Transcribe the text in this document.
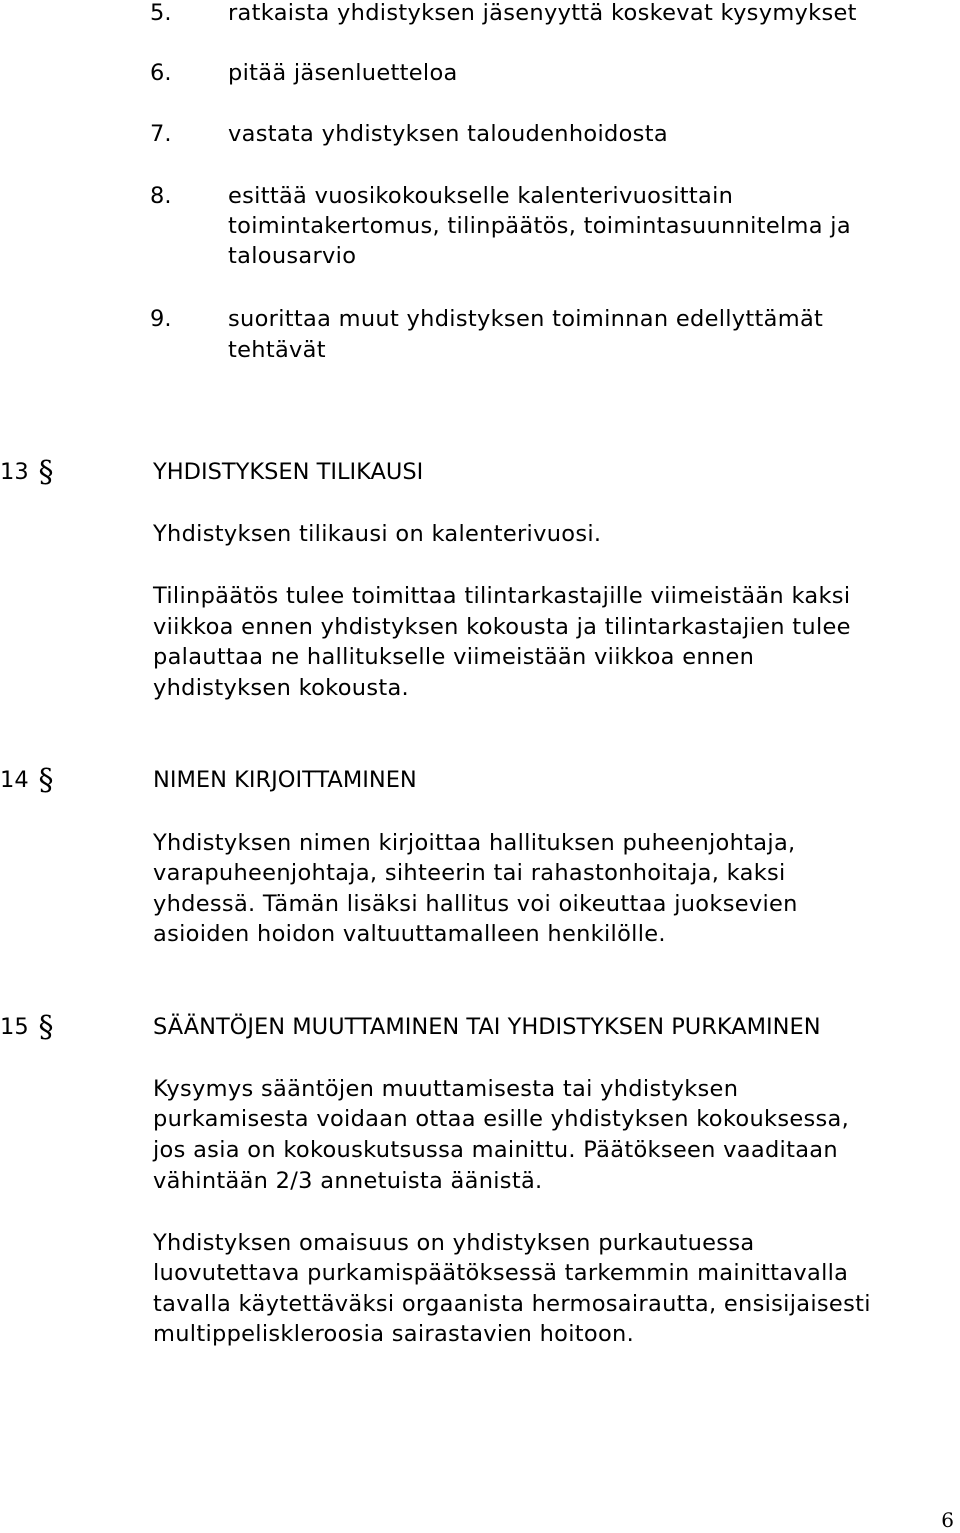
5.	ratkaista yhdistyksen jäsenyyttä koskevat kysymykset
6.	pitää jäsenluetteloa
7.	vastata yhdistyksen taloudenhoidosta
8.	esittää vuosikokoukselle kalenterivuosittain
toimintakertomus, tilinpäätös, toimintasuunnitelma ja
talousarvio
9.	suorittaa muut yhdistyksen toiminnan edellyttämät
tehtävät
13 §	YHDISTYKSEN TILIKAUSI
Yhdistyksen tilikausi on kalenterivuosi.
Tilinpäätös tulee toimittaa tilintarkastajille viimeistään kaksi
viikkoa ennen yhdistyksen kokousta ja tilintarkastajien tulee
palauttaa ne hallitukselle viimeistään viikkoa ennen
yhdistyksen kokousta.
14 §	NIMEN KIRJOITTAMINEN
Yhdistyksen nimen kirjoittaa hallituksen puheenjohtaja,
varapuheenjohtaja, sihteerin tai rahastonhoitaja, kaksi
yhdessä. Tämän lisäksi hallitus voi oikeuttaa juoksevien
asioiden hoidon valtuuttamalleen henkilölle.
15 §	SÄÄNTÖJEN MUUTTAMINEN TAI YHDISTYKSEN PURKAMINEN
Kysymys sääntöjen muuttamisesta tai yhdistyksen
purkamisesta voidaan ottaa esille yhdistyksen kokouksessa,
jos asia on kokouskutsussa mainittu. Päätökseen vaaditaan
vähintään 2/3 annetuista äänistä.
Yhdistyksen omaisuus on yhdistyksen purkautuessa
luovutettava purkamispäätöksessä tarkemmin mainittavalla
tavalla käytettäväksi orgaanista hermosairautta, ensisijaisesti
multippeliskleroosia sairastavien hoitoon.
6
